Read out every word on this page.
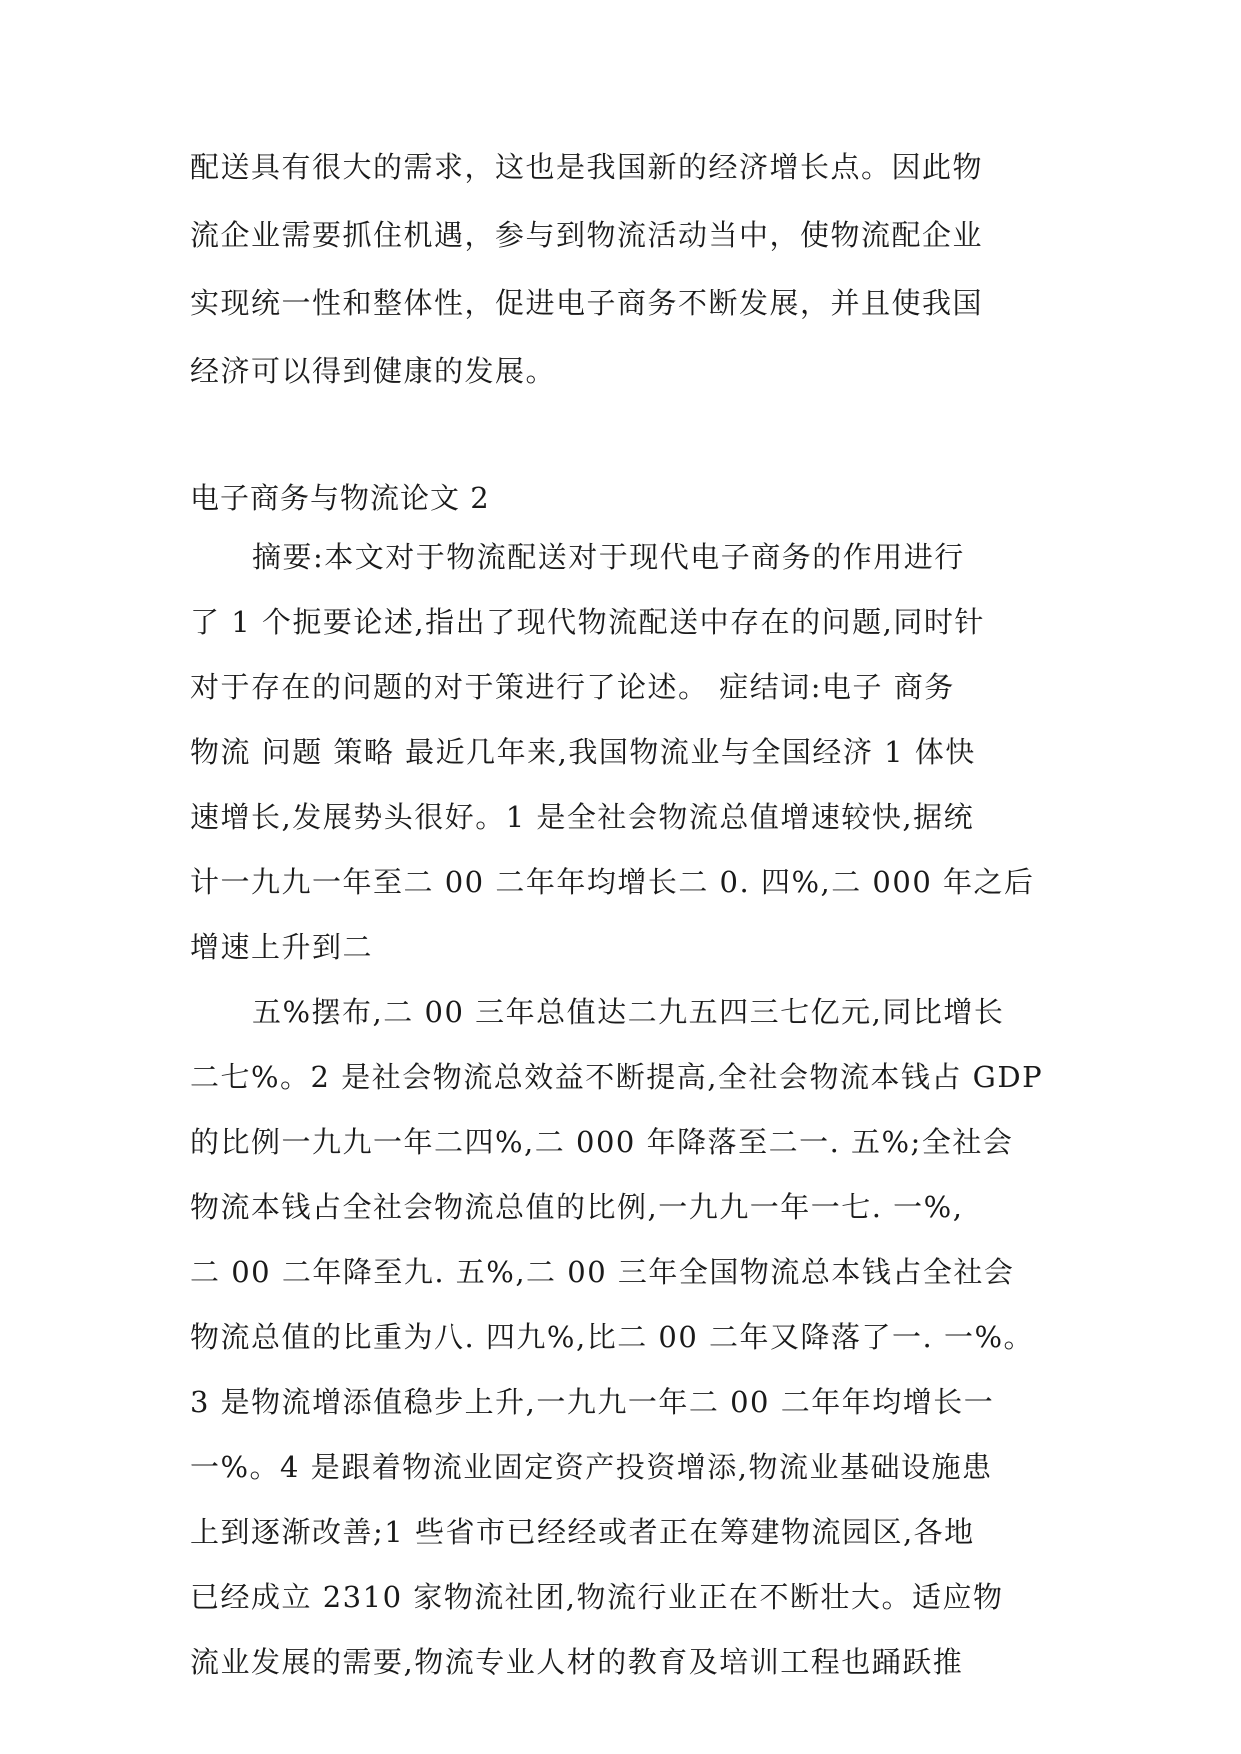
配送具有很大的需求，这也是我国新的经济增长点。因此物
流企业需要抓住机遇，参与到物流活动当中，使物流配企业
实现统一性和整体性，促进电子商务不断发展，并且使我国
经济可以得到健康的发展。
电子商务与物流论文 2
摘要:本文对于物流配送对于现代电子商务的作用进行
了 1 个扼要论述,指出了现代物流配送中存在的问题,同时针
对于存在的问题的对于策进行了论述。 症结词:电子 商务
物流 问题 策略 最近几年来,我国物流业与全国经济 1 体快
速增长,发展势头很好。1 是全社会物流总值增速较快,据统
计一九九一年至二 00 二年年均增长二 0. 四%,二 000 年之后
增速上升到二
五%摆布,二 00 三年总值达二九五四三七亿元,同比增长
二七%。2 是社会物流总效益不断提高,全社会物流本钱占 GDP
的比例一九九一年二四%,二 000 年降落至二一. 五%;全社会
物流本钱占全社会物流总值的比例,一九九一年一七. 一%,
二 00 二年降至九. 五%,二 00 三年全国物流总本钱占全社会
物流总值的比重为八. 四九%,比二 00 二年又降落了一. 一%。
3 是物流增添值稳步上升,一九九一年二 00 二年年均增长一
一%。4 是跟着物流业固定资产投资增添,物流业基础设施患
上到逐渐改善;1 些省市已经经或者正在筹建物流园区,各地
已经成立 2310 家物流社团,物流行业正在不断壮大。适应物
流业发展的需要,物流专业人材的教育及培训工程也踊跃推
